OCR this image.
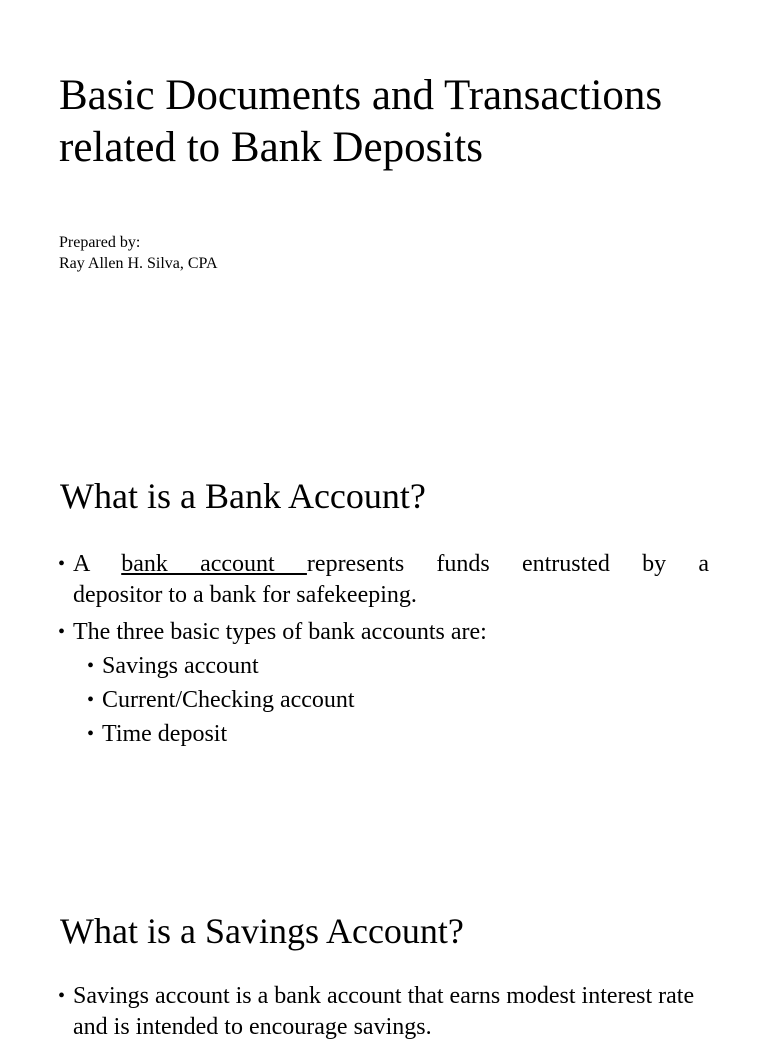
Basic Documents and Transactions related to Bank Deposits
Prepared by:
Ray Allen H. Silva, CPA
What is a Bank Account?
• A bank account represents funds entrusted by a
depositor to a bank for safekeeping.
• The three basic types of bank accounts are:
• Savings account
• Current/Checking account
• Time deposit
What is a Savings Account?
• Savings account is a bank account that earns modest interest rate and is intended to encourage savings.
